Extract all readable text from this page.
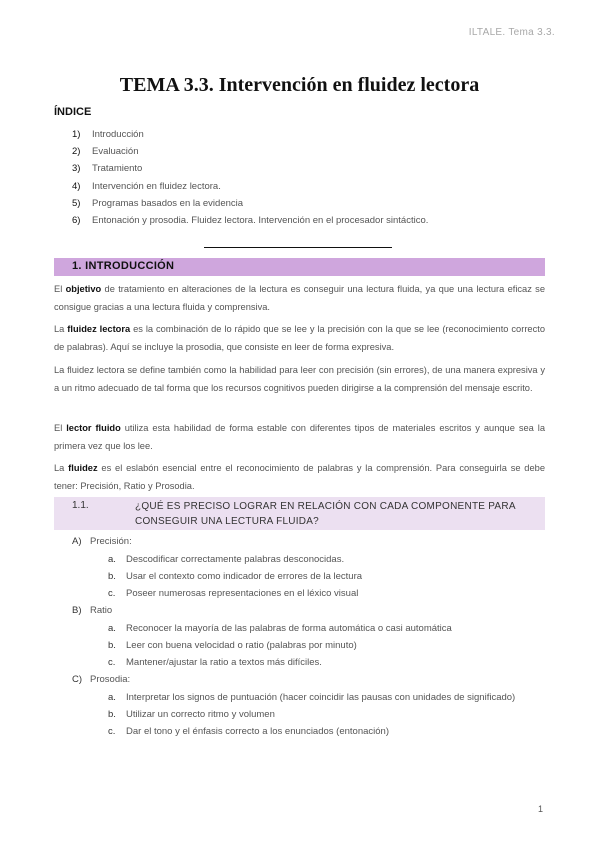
ILTALE. Tema 3.3.
TEMA 3.3. Intervención en fluidez lectora
ÍNDICE
1) Introducción
2) Evaluación
3) Tratamiento
4) Intervención en fluidez lectora.
5) Programas basados en la evidencia
6) Entonación y prosodia. Fluidez lectora. Intervención en el procesador sintáctico.
1. INTRODUCCIÓN

El objetivo de tratamiento en alteraciones de la lectura es conseguir una lectura fluida, ya que una lectura eficaz se consigue gracias a una lectura fluida y comprensiva.

La fluidez lectora es la combinación de lo rápido que se lee y la precisión con la que se lee (reconocimiento correcto de palabras). Aquí se incluye la prosodia, que consiste en leer de forma expresiva.

La fluidez lectora se define también como la habilidad para leer con precisión (sin errores), de una manera expresiva y a un ritmo adecuado de tal forma que los recursos cognitivos pueden dirigirse a la comprensión del mensaje escrito.

El lector fluido utiliza esta habilidad de forma estable con diferentes tipos de materiales escritos y aunque sea la primera vez que los lee.

La fluidez es el eslabón esencial entre el reconocimiento de palabras y la comprensión. Para conseguirla se debe tener: Precisión, Ratio y Prosodia.

1.1.	¿QUÉ ES PRECISO LOGRAR EN RELACIÓN CON CADA COMPONENTE PARA CONSEGUIR UNA LECTURA FLUIDA?
A) Precisión:
a. Descodificar correctamente palabras desconocidas.
b. Usar el contexto como indicador de errores de la lectura
c. Poseer numerosas representaciones en el léxico visual
B) Ratio
a. Reconocer la mayoría de las palabras de forma automática o casi automática
b. Leer con buena velocidad o ratio (palabras por minuto)
c. Mantener/ajustar la ratio a textos más difíciles.
C) Prosodia:
a. Interpretar los signos de puntuación (hacer coincidir las pausas con unidades de significado)
b. Utilizar un correcto ritmo y volumen
c. Dar el tono y el énfasis correcto a los enunciados (entonación)
1
